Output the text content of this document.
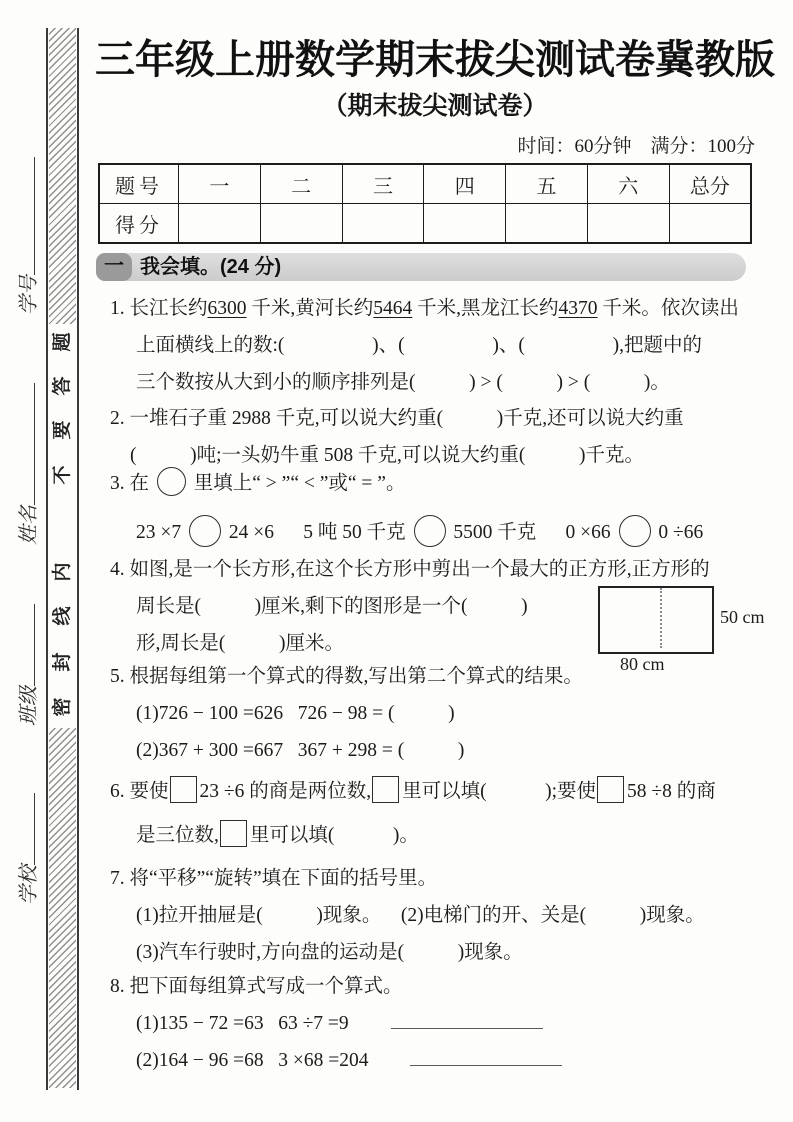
题
答
要
不
内
线
封
密
学号
姓名
班级
学校
三年级上册数学期末拔尖测试卷冀教版
（期末拔尖测试卷）
时间：60分钟　满分：100分
题号	一	二	三	四	五	六	总分
得分							
一 我会填。(24 分)
1. 长江长约6300 千米,黄河长约5464 千米,黑龙江长约4370 千米。依次读出
上面横线上的数:(                  )、(                  )、(                  ),把题中的
三个数按从大到小的顺序排列是(           ) > (           ) > (           )。
2. 一堆石子重 2988 千克,可以说大约重(           )千克,还可以说大约重
(           )吨;一头奶牛重 508 千克,可以说大约重(           )千克。
3. 在  里填上“ > ”“ < ”或“ = ”。
23 ×7  24 ×6      5 吨 50 千克  5500 千克      0 ×66  0 ÷66
4. 如图,是一个长方形,在这个长方形中剪出一个最大的正方形,正方形的
周长是(           )厘米,剩下的图形是一个(           )
形,周长是(           )厘米。
50 cm
80 cm
5. 根据每组第一个算式的得数,写出第二个算式的结果。
(1)726 − 100 =626   726 − 98 = (           )
(2)367 + 300 =667   367 + 298 = (           )
6. 要使 23 ÷6 的商是两位数, 里可以填(            );要使 58 ÷8 的商
是三位数, 里可以填(            )。
7. 将“平移”“旋转”填在下面的括号里。
(1)拉开抽屉是(           )现象。    (2)电梯门的开、关是(           )现象。
(3)汽车行驶时,方向盘的运动是(           )现象。
8. 把下面每组算式写成一个算式。
(1)135 − 72 =63   63 ÷7 =9
(2)164 − 96 =68   3 ×68 =204
